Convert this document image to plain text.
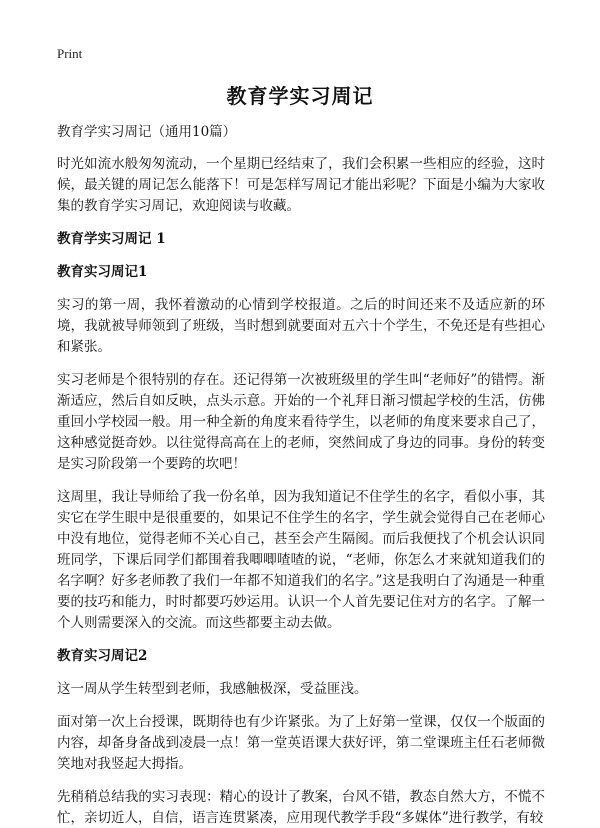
Print
教育学实习周记
教育学实习周记（通用10篇）

时光如流水般匆匆流动，一个星期已经结束了，我们会积累一些相应的经验，这时候，最关键的周记怎么能落下！可是怎样写周记才能出彩呢？下面是小编为大家收集的教育学实习周记，欢迎阅读与收藏。

教育学实习周记 1
教育实习周记1

实习的第一周，我怀着激动的心情到学校报道。之后的时间还来不及适应新的环境，我就被导师领到了班级，当时想到就要面对五六十个学生，不免还是有些担心和紧张。

实习老师是个很特别的存在。还记得第一次被班级里的学生叫“老师好”的错愕。渐渐适应，然后自如反映，点头示意。开始的一个礼拜日渐习惯起学校的生活，仿佛重回小学校园一般。用一种全新的角度来看待学生，以老师的角度来要求自己了，这种感觉挺奇妙。以往觉得高高在上的老师，突然间成了身边的同事。身份的转变是实习阶段第一个要跨的坎吧！

这周里，我让导师给了我一份名单，因为我知道记不住学生的名字，看似小事，其实它在学生眼中是很重要的，如果记不住学生的名字，学生就会觉得自己在老师心中没有地位，觉得老师不关心自己，甚至会产生隔阂。而后我便找了个机会认识同班同学，下课后同学们都围着我唧唧喳喳的说，“老师，你怎么才来就知道我们的名字啊？好多老师教了我们一年都不知道我们的名字。”这是我明白了沟通是一种重要的技巧和能力，时时都要巧妙运用。认识一个人首先要记住对方的名字。了解一个人则需要深入的交流。而这些都要主动去做。

教育实习周记2

这一周从学生转型到老师，我感触极深，受益匪浅。

面对第一次上台授课，既期待也有少许紧张。为了上好第一堂课，仅仅一个版面的内容，却备身备战到凌晨一点！第一堂英语课大获好评，第二堂课班主任石老师微笑地对我竖起大拇指。

先稍稍总结我的实习表现：精心的设计了教案，台风不错，教态自然大方，不慌不忙，亲切近人，自信，语言连贯紧凑，应用现代教学手段“多媒体”进行教学，有较
